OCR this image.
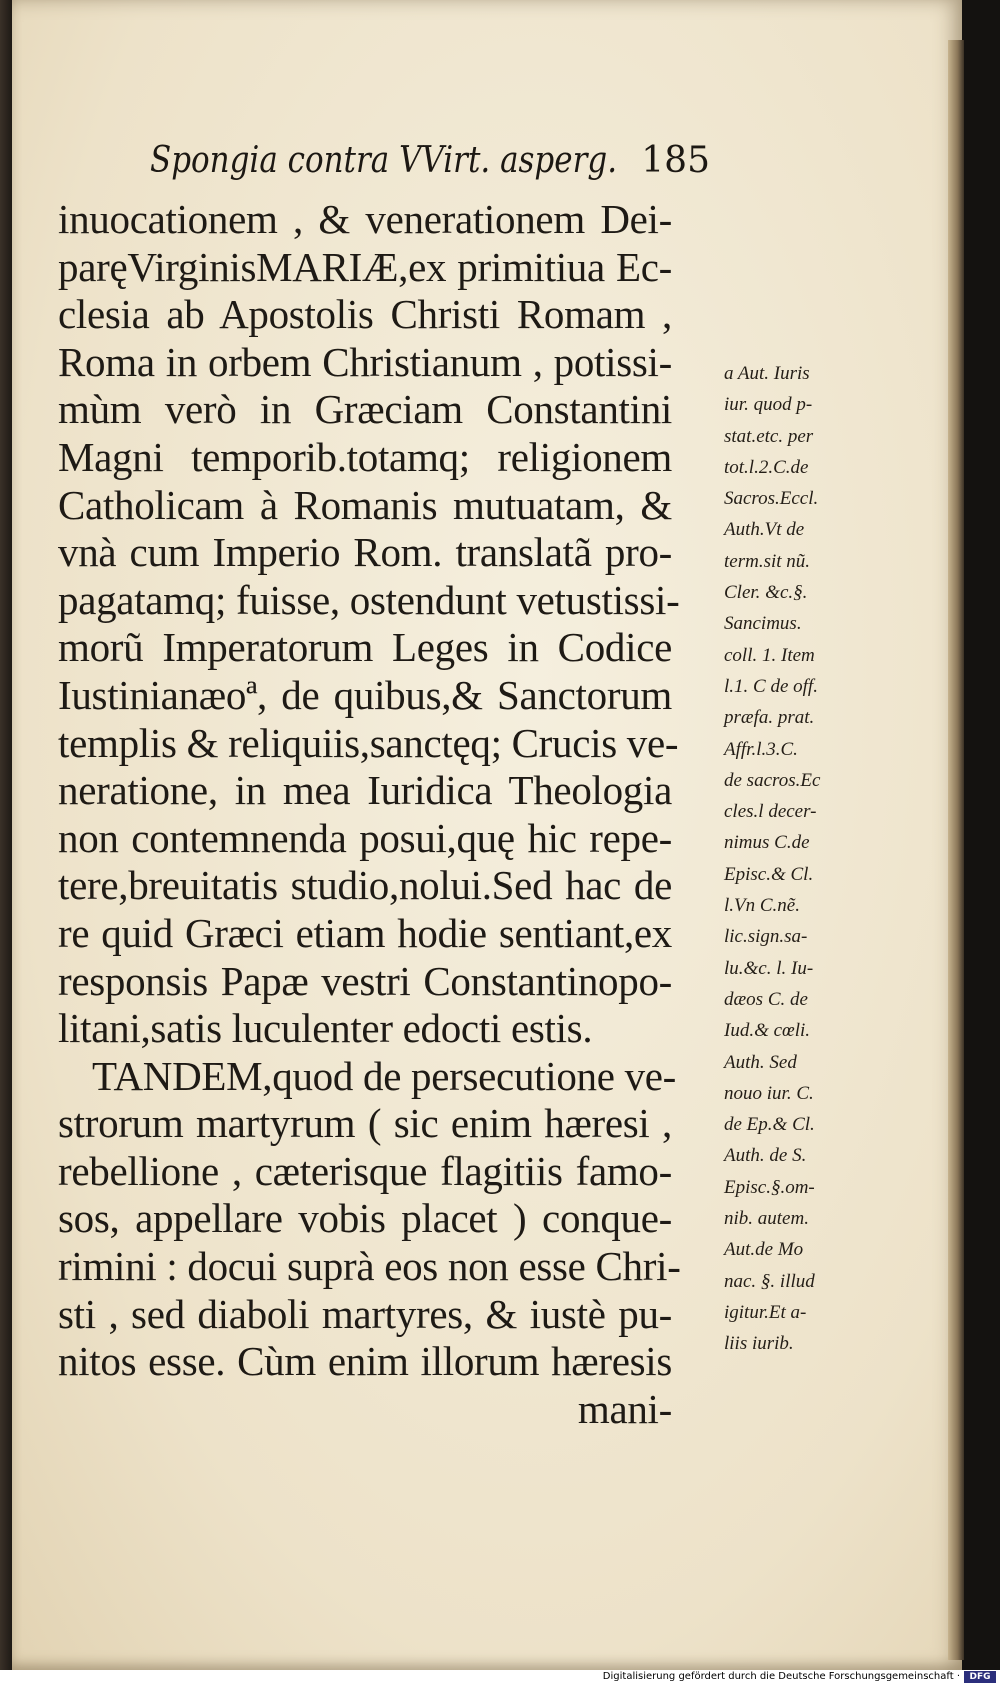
Spongia contra VVirt. asperg. 185
inuocationem , & venerationem Dei-
paręVirginisMARIÆ,ex primitiua Ec-
clesia ab Apostolis Christi Romam ,
Roma in orbem Christianum , potissi-
mùm verò in Græciam Constantini
Magni temporib.totamq; religionem
Catholicam à Romanis mutuatam, &
vnà cum Imperio Rom. translatã pro-
pagatamq; fuisse, ostendunt vetustissi-
morũ Imperatorum Leges in Codice
Iustinianæoª, de quibus,& Sanctorum
templis & reliquiis,sanctęq; Crucis ve-
neratione, in mea Iuridica Theologia
non contemnenda posui,quę hic repe-
tere,breuitatis studio,nolui.Sed hac de
re quid Græci etiam hodie sentiant,ex
responsis Papæ vestri Constantinopo-
litani,satis luculenter edocti estis.
TANDEM,quod de persecutione ve-
strorum martyrum ( sic enim hæresi ,
rebellione , cæterisque flagitiis famo-
sos, appellare vobis placet ) conque-
rimini : docui suprà eos non esse Chri-
sti , sed diaboli martyres, & iustè pu-
nitos esse. Cùm enim illorum hæresis
mani-
a Aut. Iuris
iur. quod p-
stat.etc. per
tot.l.2.C.de
Sacros.Eccl.
Auth.Vt de
term.sit nũ.
Cler. &c.§.
Sancimus.
coll. 1. Item
l.1. C de off.
præfa. prat.
Affr.l.3.C.
de sacros.Ec
cles.l decer-
nimus C.de
Episc.& Cl.
l.Vn C.nẽ.
lic.sign.sa-
lu.&c. l. Iu-
dæos C. de
Iud.& cœli.
Auth. Sed
nouo iur. C.
de Ep.& Cl.
Auth. de S.
Episc.§.om-
nib. autem.
Aut.de Mo
nac. §. illud
igitur.Et a-
liis iurib.
Digitalisierung gefördert durch die Deutsche Forschungsgemeinschaft ·	DFG
